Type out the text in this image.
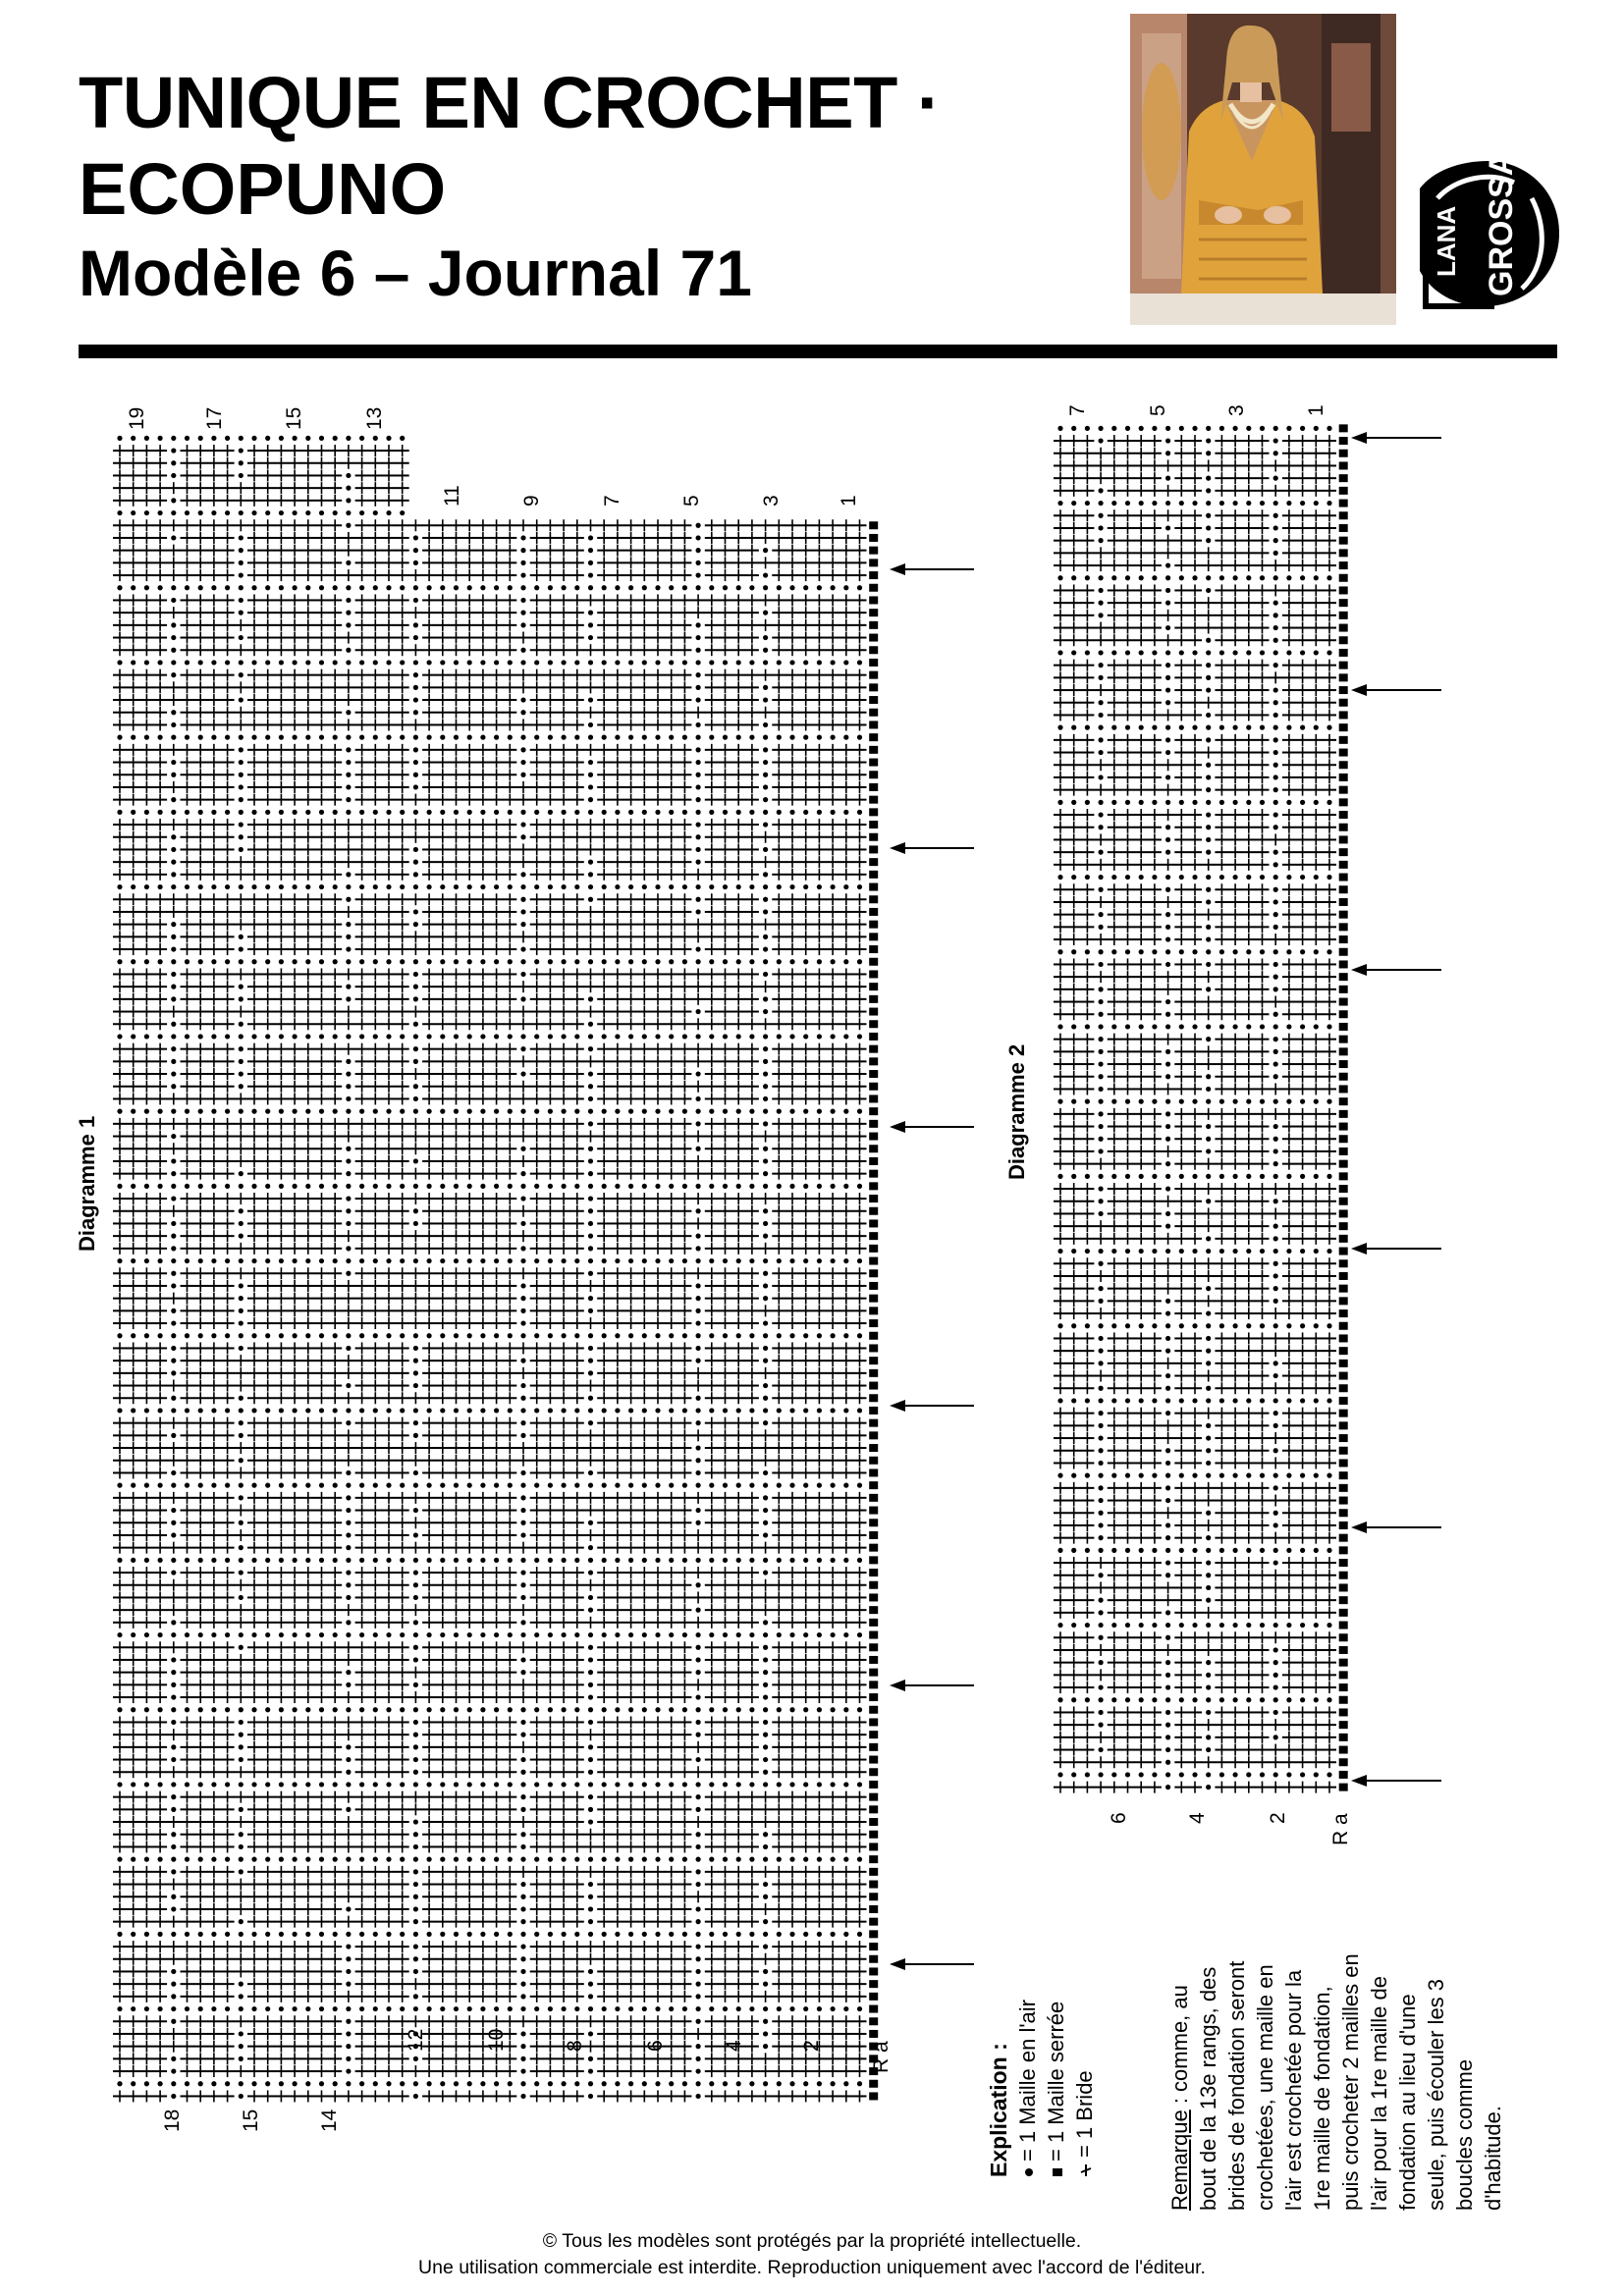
TUNIQUE EN CROCHET ·
ECOPUNO
Modèle 6 – Journal 71	LANA GROSSA
19	17	15	13
11	9	7	5	3	1
18	15	14
12	10	8	6	4	2 R a
7	5	3	1
6	4	2 R a
Diagramme 1
Diagramme 2
Explication : = 1 Maille en l'air = 1 Maille serrée = 1 Bride	Remarque : comme, au bout de la 13e rangs, des brides de fondation seront crochetées, une maille en l'air est crochetée pour la 1re maille de fondation, puis crocheter 2 mailles en l'air pour la 1re maille de fondation au lieu d'une seule, puis écouler les 3 boucles comme d'habitude.

© Tous les modèles sont protégés par la propriété intellectuelle.

Une utilisation commerciale est interdite. Reproduction uniquement avec l'accord de l'éditeur.
